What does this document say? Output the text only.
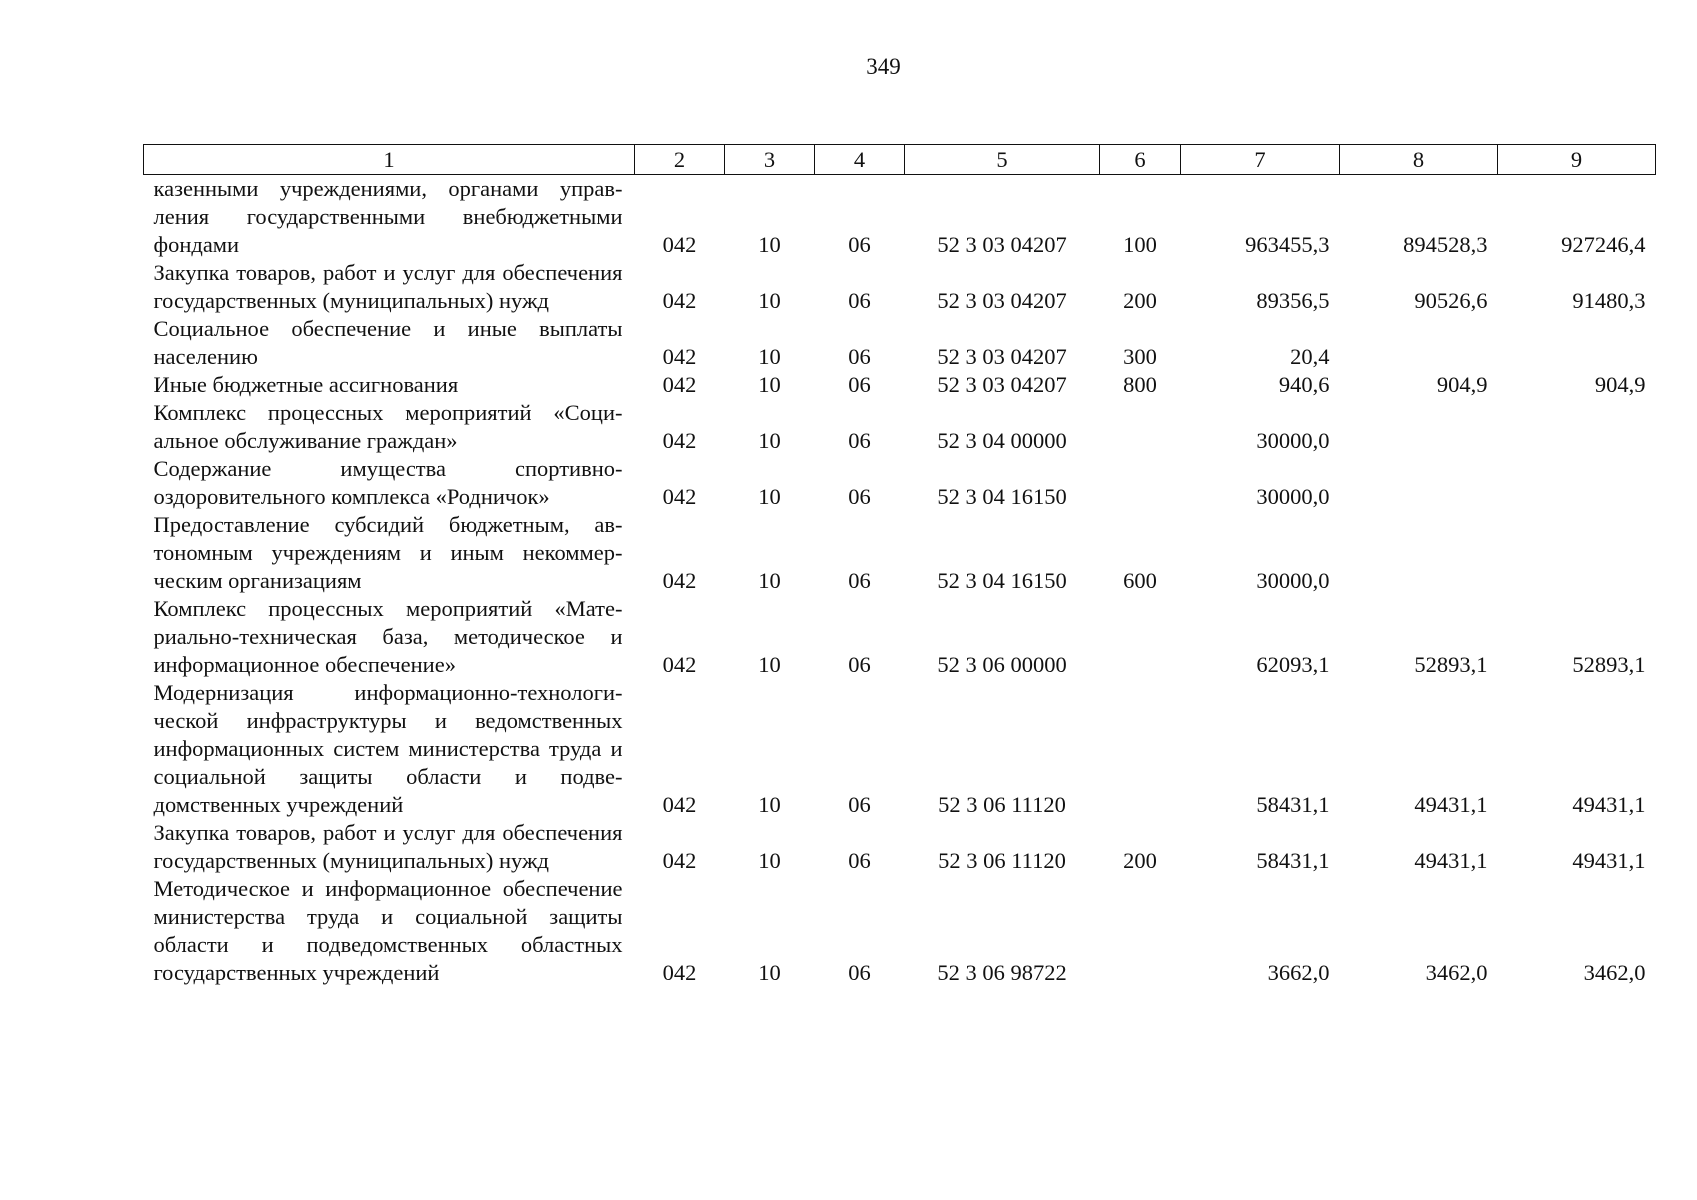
349
1	2	3	4	5	6	7	8	9
казенными учреждениями, органами управления государственными внебюджетными фондами	042	10	06	52 3 03 04207	100	963455,3	894528,3	927246,4
Закупка товаров, работ и услуг для обеспечения государственных (муниципальных) нужд	042	10	06	52 3 03 04207	200	89356,5	90526,6	91480,3
Социальное обеспечение и иные выплаты населению	042	10	06	52 3 03 04207	300	20,4		
Иные бюджетные ассигнования	042	10	06	52 3 03 04207	800	940,6	904,9	904,9
Комплекс процессных мероприятий «Социальное обслуживание граждан»	042	10	06	52 3 04 00000		30000,0		
Содержание имущества спортивно-оздоровительного комплекса «Родничок»	042	10	06	52 3 04 16150		30000,0		
Предоставление субсидий бюджетным, автономным учреждениям и иным некоммерческим организациям	042	10	06	52 3 04 16150	600	30000,0		
Комплекс процессных мероприятий «Материально-техническая база, методическое и информационное обеспечение»	042	10	06	52 3 06 00000		62093,1	52893,1	52893,1
Модернизация информационно-технологической инфраструктуры и ведомственных информационных систем министерства труда и социальной защиты области и подведомственных учреждений	042	10	06	52 3 06 11120		58431,1	49431,1	49431,1
Закупка товаров, работ и услуг для обеспечения государственных (муниципальных) нужд	042	10	06	52 3 06 11120	200	58431,1	49431,1	49431,1
Методическое и информационное обеспечение министерства труда и социальной защиты области и подведомственных областных государственных учреждений	042	10	06	52 3 06 98722		3662,0	3462,0	3462,0
